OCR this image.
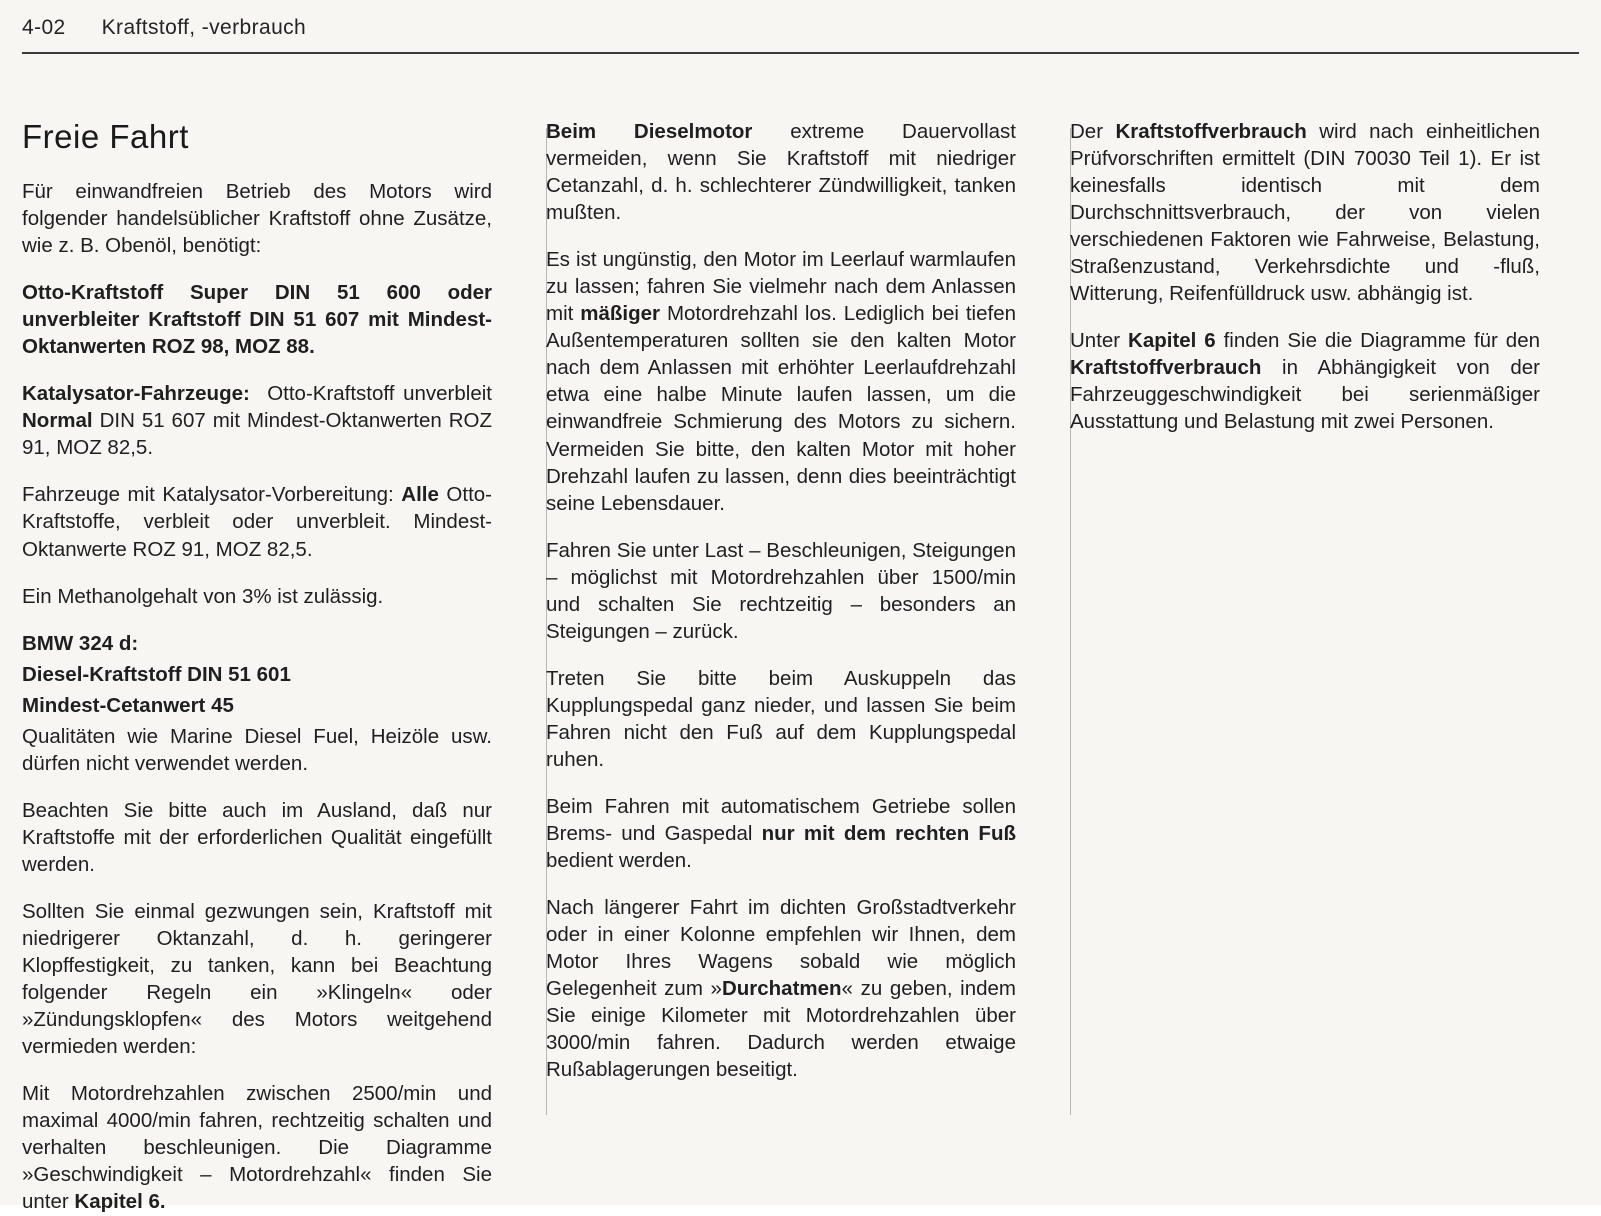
4-02 Kraftstoff, -verbrauch
Freie Fahrt

Für einwandfreien Betrieb des Motors wird folgender handelsüblicher Kraftstoff ohne Zusätze, wie z. B. Obenöl, benötigt:

Otto-Kraftstoff Super DIN 51 600 oder unverbleiter Kraftstoff DIN 51 607 mit Mindest-Oktanwerten ROZ 98, MOZ 88.

Katalysator-Fahrzeuge:  Otto-Kraftstoff unverbleit Normal DIN 51 607 mit Mindest-Oktanwerten ROZ 91, MOZ 82,5.

Fahrzeuge mit Katalysator-Vorbereitung: Alle Otto-Kraftstoffe, verbleit oder unverbleit. Mindest-Oktanwerte ROZ 91, MOZ 82,5.

Ein Methanolgehalt von 3% ist zulässig.

BMW 324 d:

Diesel-Kraftstoff DIN 51 601

Mindest-Cetanwert 45

Qualitäten wie Marine Diesel Fuel, Heizöle usw. dürfen nicht verwendet werden.

Beachten Sie bitte auch im Ausland, daß nur Kraftstoffe mit der erforderlichen Qualität eingefüllt werden.

Sollten Sie einmal gezwungen sein, Kraftstoff mit niedrigerer Oktanzahl, d. h. geringerer Klopffestigkeit, zu tanken, kann bei Beachtung folgender Regeln ein »Klingeln« oder »Zündungsklopfen« des Motors weitgehend vermieden werden:

Mit Motordrehzahlen zwischen 2500/min und maximal 4000/min fahren, rechtzeitig schalten und verhalten beschleunigen. Die Diagramme »Geschwindigkeit – Motordrehzahl« finden Sie unter Kapitel 6.

Beim Dieselmotor extreme Dauervollast vermeiden, wenn Sie Kraftstoff mit niedriger Cetanzahl, d. h. schlechterer Zündwilligkeit, tanken mußten.

Es ist ungünstig, den Motor im Leerlauf warmlaufen zu lassen; fahren Sie vielmehr nach dem Anlassen mit mäßiger Motordrehzahl los. Lediglich bei tiefen Außentemperaturen sollten sie den kalten Motor nach dem Anlassen mit erhöhter Leerlaufdrehzahl etwa eine halbe Minute laufen lassen, um die einwandfreie Schmierung des Motors zu sichern. Vermeiden Sie bitte, den kalten Motor mit hoher Drehzahl laufen zu lassen, denn dies beeinträchtigt seine Lebensdauer.

Fahren Sie unter Last – Beschleunigen, Steigungen – möglichst mit Motordrehzahlen über 1500/min und schalten Sie rechtzeitig – besonders an Steigungen – zurück.

Treten Sie bitte beim Auskuppeln das Kupplungspedal ganz nieder, und lassen Sie beim Fahren nicht den Fuß auf dem Kupplungspedal ruhen.

Beim Fahren mit automatischem Getriebe sollen Brems- und Gaspedal nur mit dem rechten Fuß bedient werden.

Nach längerer Fahrt im dichten Großstadtverkehr oder in einer Kolonne empfehlen wir Ihnen, dem Motor Ihres Wagens sobald wie möglich Gelegenheit zum »Durchatmen« zu geben, indem Sie einige Kilometer mit Motordrehzahlen über 3000/min fahren. Dadurch werden etwaige Rußablagerungen beseitigt.

Der Kraftstoffverbrauch wird nach einheitlichen Prüfvorschriften ermittelt (DIN 70030 Teil 1). Er ist keinesfalls identisch mit dem Durchschnittsverbrauch, der von vielen verschiedenen Faktoren wie Fahrweise, Belastung, Straßenzustand, Verkehrsdichte und -fluß, Witterung, Reifenfülldruck usw. abhängig ist.

Unter Kapitel 6 finden Sie die Diagramme für den Kraftstoffverbrauch in Abhängigkeit von der Fahrzeuggeschwindigkeit bei serienmäßiger Ausstattung und Belastung mit zwei Personen.
